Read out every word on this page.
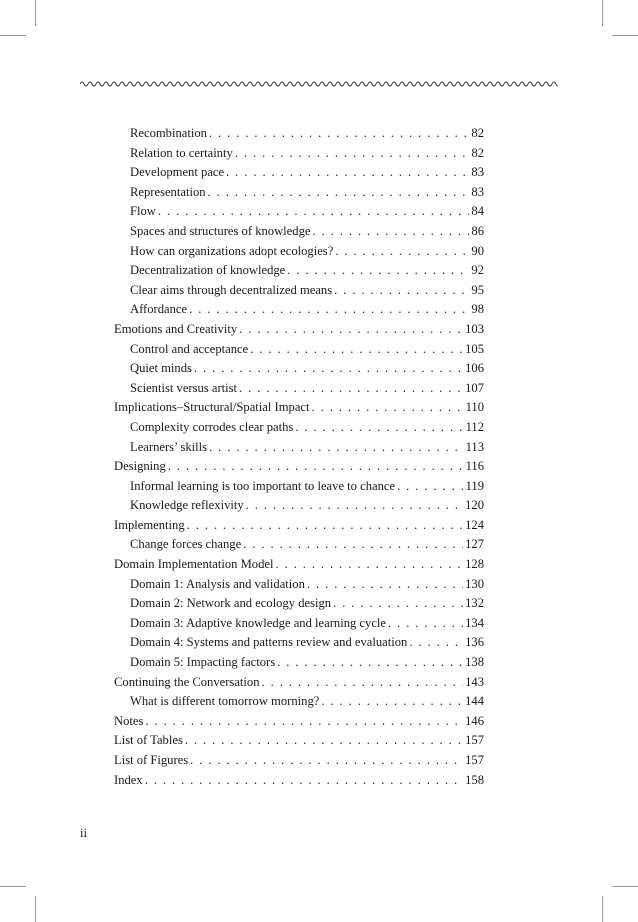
Recombination . . .	82
Relation to certainty . . .	82
Development pace . . .	83
Representation . . .	83
Flow . . .	84
Spaces and structures of knowledge . . .	86
How can organizations adopt ecologies? . . .	90
Decentralization of knowledge . . .	92
Clear aims through decentralized means . . .	95
Affordance . . .	98
Emotions and Creativity . . .	103
Control and acceptance . . .	105
Quiet minds . . .	106
Scientist versus artist . . .	107
Implications–Structural/Spatial Impact . . .	110
Complexity corrodes clear paths . . .	112
Learners’ skills . . .	113
Designing . . .	116
Informal learning is too important to leave to chance . . .	119
Knowledge reflexivity . . .	120
Implementing . . .	124
Change forces change . . .	127
Domain Implementation Model . . .	128
Domain 1: Analysis and validation . . .	130
Domain 2: Network and ecology design . . .	132
Domain 3: Adaptive knowledge and learning cycle . . .	134
Domain 4: Systems and patterns review and evaluation . . .	136
Domain 5: Impacting factors . . .	138
Continuing the Conversation . . .	143
What is different tomorrow morning? . . .	144
Notes . . .	146
List of Tables . . .	157
List of Figures . . .	157
Index . . .	158
ii
